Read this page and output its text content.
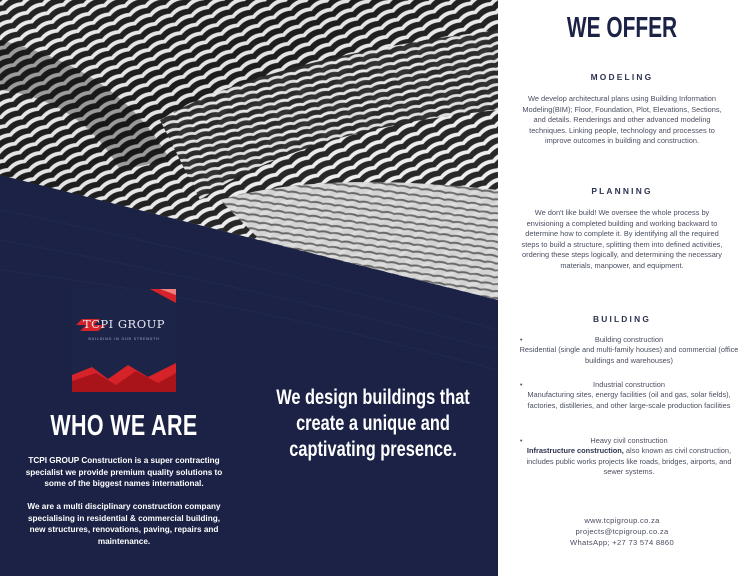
TCPI GROUP
BUILDING IN OUR STRENGTH
WHO WE ARE
TCPI GROUP Construction is a super contracting specialist we provide premium quality solutions to some of the biggest names international.
We are a multi disciplinary construction company specialising in residential & commercial building, new structures, renovations, paving, repairs and maintenance.
We design buildings that
create a unique and
captivating presence.
WE OFFER
MODELING
We develop architectural plans using Building Information Modeling(BIM); Floor, Foundation, Plot, Elevations, Sections, and details. Renderings and other advanced modeling techniques. Linking people, technology and processes to improve outcomes in building and construction.
PLANNING
We don't like build! We oversee the whole process by envisioning a completed building and working backward to determine how to complete it. By identifying all the required steps to build a structure, splitting them into defined activities, ordering these steps logically, and determining the necessary materials, manpower, and equipment.
BUILDING
•	Building construction
Residential (single and multi-family houses) and commercial (office buildings and warehouses)
•	Industrial construction
Manufacturing sites, energy facilities (oil and gas, solar fields), factories, distilleries, and other large-scale production facilities
•	Heavy civil construction
Infrastructure construction, also known as civil construction, includes public works projects like roads, bridges, airports, and sewer systems.
www.tcpigroup.co.za
projects@tcpigroup.co.za
WhatsApp; +27 73 574 8860
